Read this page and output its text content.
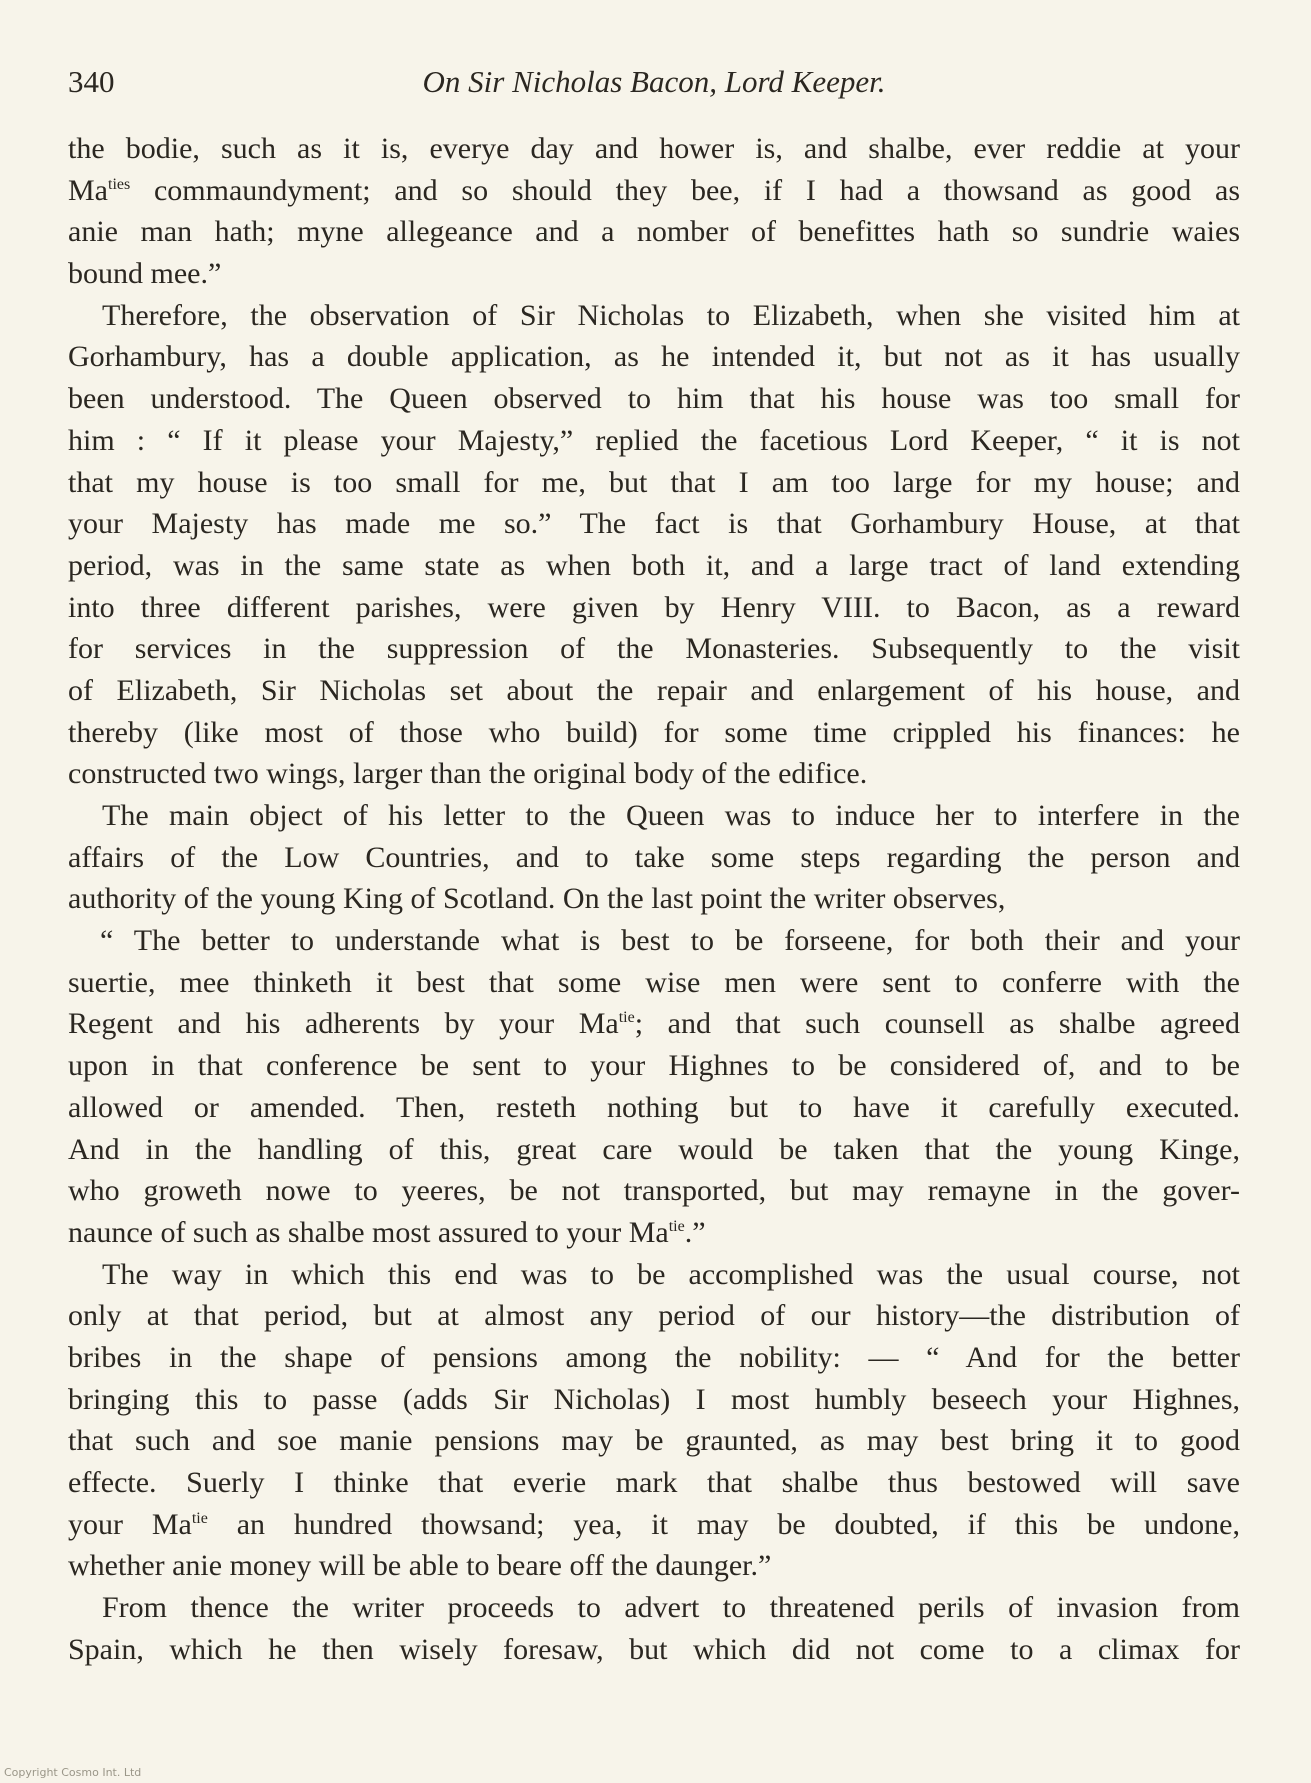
340	On Sir Nicholas Bacon, Lord Keeper.
the bodie, such as it is, everye day and hower is, and shalbe, ever reddie at your
$Ma^{ties}$ commaundyment; and so should they bee, if I had a thowsand as good as
anie man hath; myne allegeance and a nomber of benefittes hath so sundrie waies
bound mee.”
Therefore, the observation of Sir Nicholas to Elizabeth, when she visited him at
Gorhambury, has a double application, as he intended it, but not as it has usually
been understood. The Queen observed to him that his house was too small for
him : “ If it please your Majesty,” replied the facetious Lord Keeper, “ it is not
that my house is too small for me, but that I am too large for my house; and
your Majesty has made me so.” The fact is that Gorhambury House, at that
period, was in the same state as when both it, and a large tract of land extending
into three different parishes, were given by Henry VIII. to Bacon, as a reward
for services in the suppression of the Monasteries. Subsequently to the visit
of Elizabeth, Sir Nicholas set about the repair and enlargement of his house, and
thereby (like most of those who build) for some time crippled his finances: he
constructed two wings, larger than the original body of the edifice.
The main object of his letter to the Queen was to induce her to interfere in the
affairs of the Low Countries, and to take some steps regarding the person and
authority of the young King of Scotland. On the last point the writer observes,
“ The better to understande what is best to be forseene, for both their and your
suertie, mee thinketh it best that some wise men were sent to conferre with the
Regent and his adherents by your $Ma^{tie}$; and that such counsell as shalbe agreed
upon in that conference be sent to your Highnes to be considered of, and to be
allowed or amended. Then, resteth nothing but to have it carefully executed.
And in the handling of this, great care would be taken that the young Kinge,
who groweth nowe to yeeres, be not transported, but may remayne in the gover-
naunce of such as shalbe most assured to your $Ma^{tie}$.”
The way in which this end was to be accomplished was the usual course, not
only at that period, but at almost any period of our history—the distribution of
bribes in the shape of pensions among the nobility: — “ And for the better
bringing this to passe (adds Sir Nicholas) I most humbly beseech your Highnes,
that such and soe manie pensions may be graunted, as may best bring it to good
effecte. Suerly I thinke that everie mark that shalbe thus bestowed will save
your $Ma^{tie}$ an hundred thowsand; yea, it may be doubted, if this be undone,
whether anie money will be able to beare off the daunger.”
From thence the writer proceeds to advert to threatened perils of invasion from
Spain, which he then wisely foresaw, but which did not come to a climax for
Copyright Cosmo Int. Ltd
